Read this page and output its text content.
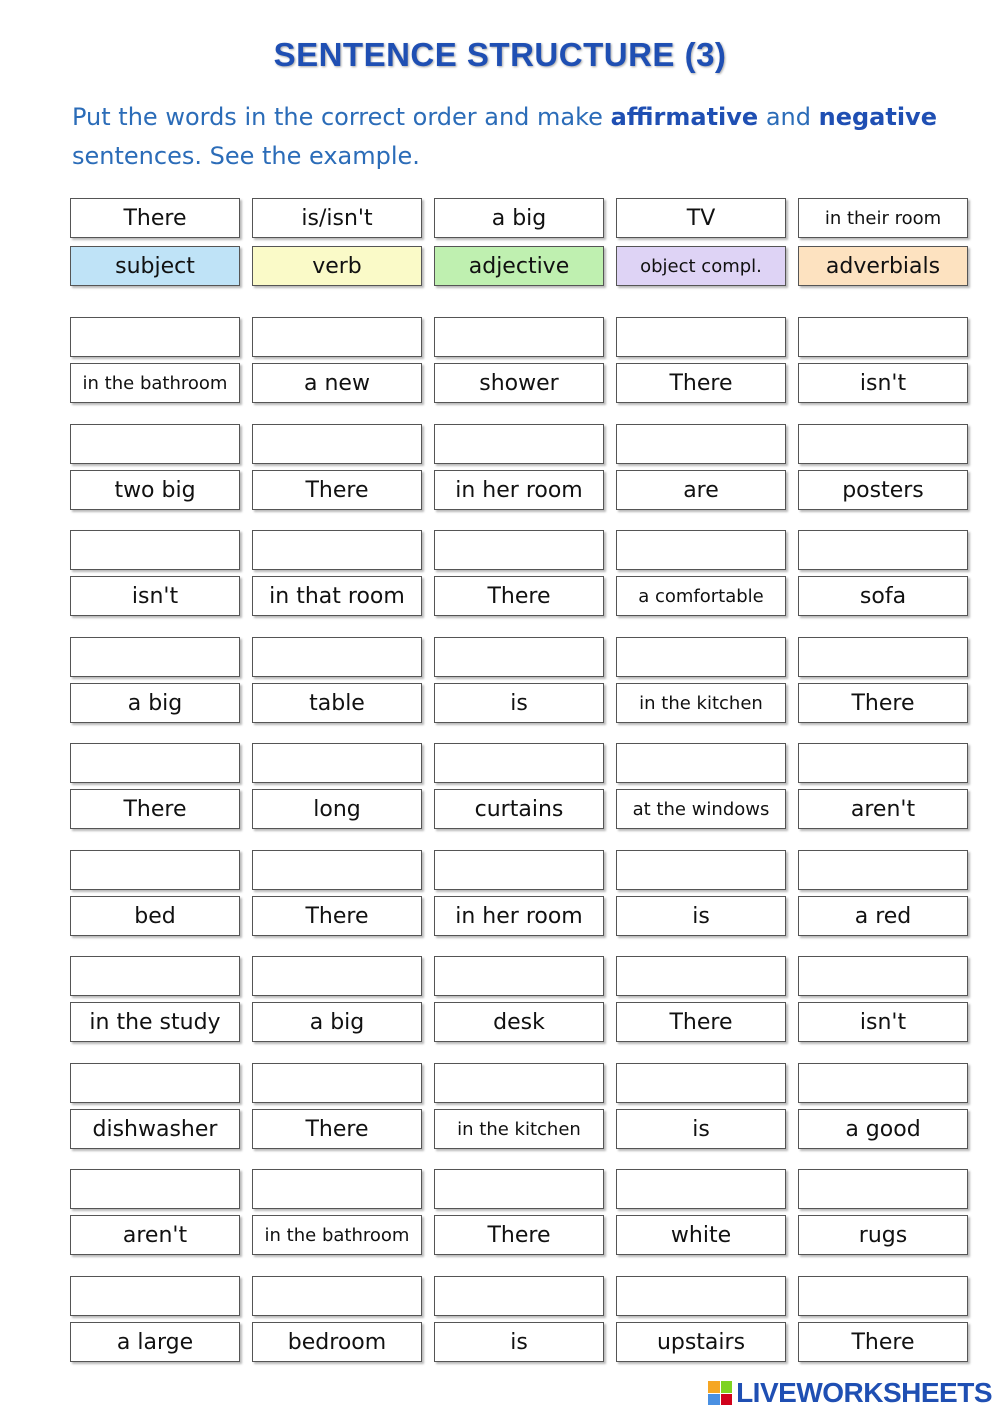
SENTENCE STRUCTURE (3)
Put the words in the correct order and make affirmative and negative sentences. See the example.
There	is/isn't	a big	TV	in their room
subject	verb	adjective	object compl.	adverbials
in the bathroom	a new	shower	There	isn't
two big	There	in her room	are	posters
isn't	in that room	There	a comfortable	sofa
a big	table	is	in the kitchen	There
There	long	curtains	at the windows	aren't
bed	There	in her room	is	a red
in the study	a big	desk	There	isn't
dishwasher	There	in the kitchen	is	a good
aren't	in the bathroom	There	white	rugs
a large	bedroom	is	upstairs	There
LIVEWORKSHEETS
